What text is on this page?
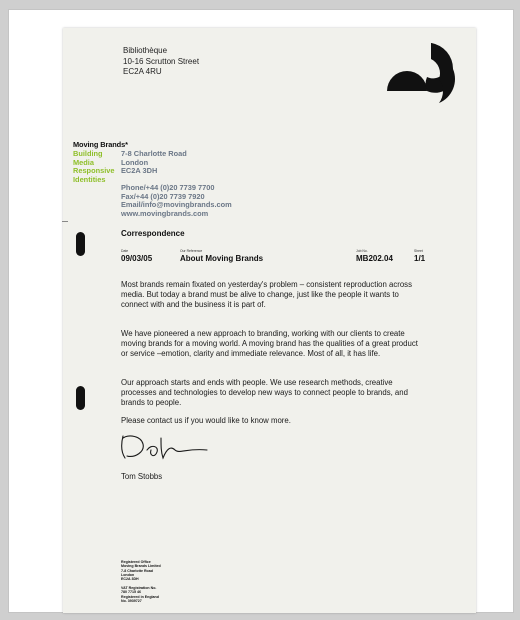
Bibliothèque
10-16 Scrutton Street
EC2A 4RU
Moving Brands*
Building
Media
Responsive
Identities
7-8 Charlotte Road
London
EC2A 3DH
Phone/+44 (0)20 7739 7700
Fax/+44 (0)20 7739 7920
Email/info@movingbrands.com
www.movingbrands.com
Correspondence
Date
09/03/05
Our Reference
About Moving Brands
Job No.
MB202.04
Sheet
1/1
Most brands remain fixated on yesterday's problem – consistent reproduction across media. But today a brand must be alive to change, just like the people it wants to connect with and the business it is part of.
We have pioneered a new approach to branding, working with our clients to create moving brands for a moving world. A moving brand has the qualities of a great product or service –emotion, clarity and immediate relevance. Most of all, it has life.
Our approach starts and ends with people. We use research methods, creative processes and technologies to develop new ways to connect people to brands, and brands to people.
Please contact us if you would like to know more.
Tom Stobbs
Registered Office
Moving Brands Limited
7-8 Charlotte Road
London
EC2A 3DH
VAT Registration No.
780 7715 46
Registered in England
No. 3939727
